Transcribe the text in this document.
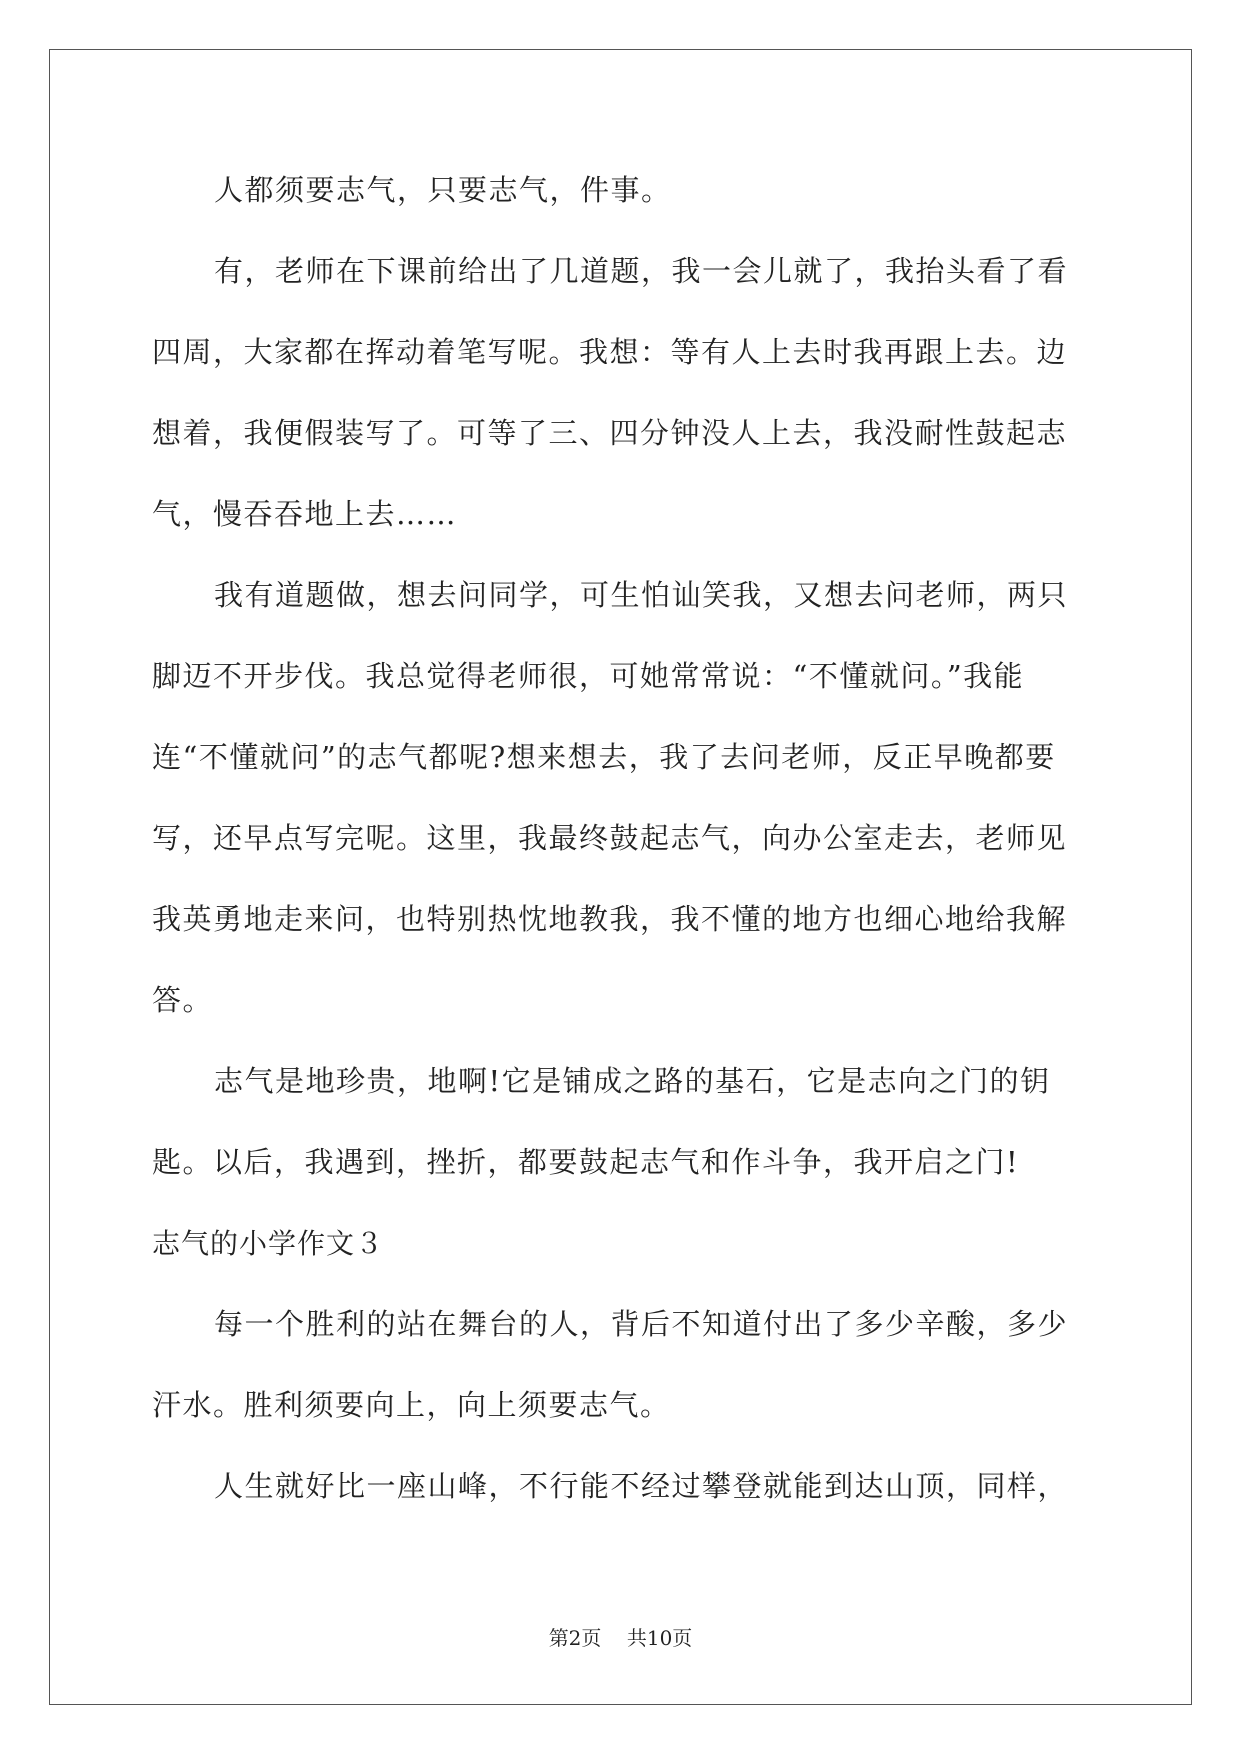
人都须要志气，只要志气，件事。

有，老师在下课前给出了几道题，我一会儿就了，我抬头看了看四周，大家都在挥动着笔写呢。我想：等有人上去时我再跟上去。边想着，我便假装写了。可等了三、四分钟没人上去，我没耐性鼓起志气，慢吞吞地上去……

我有道题做，想去问同学，可生怕讪笑我，又想去问老师，两只脚迈不开步伐。我总觉得老师很，可她常常说：“不懂就问。”我能连“不懂就问”的志气都呢?想来想去，我了去问老师，反正早晚都要写，还早点写完呢。这里，我最终鼓起志气，向办公室走去，老师见我英勇地走来问，也特别热忱地教我，我不懂的地方也细心地给我解答。

志气是地珍贵，地啊!它是铺成之路的基石，它是志向之门的钥匙。以后，我遇到，挫折，都要鼓起志气和作斗争，我开启之门!

志气的小学作文３

每一个胜利的站在舞台的人，背后不知道付出了多少辛酸，多少汗水。胜利须要向上，向上须要志气。

人生就好比一座山峰，不行能不经过攀登就能到达山顶，同样，

第2页    共10页
